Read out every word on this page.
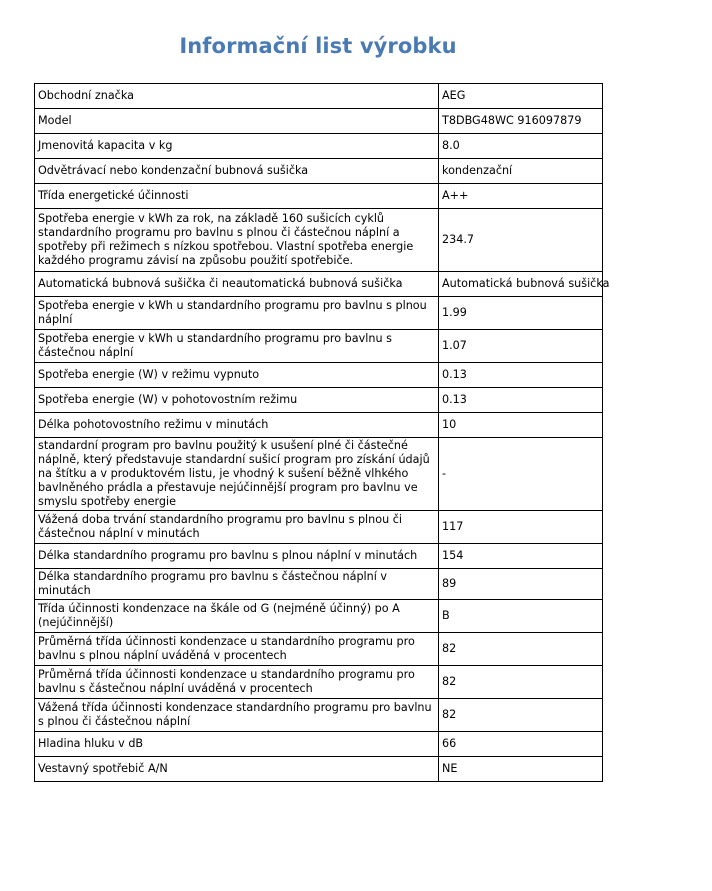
Informační list výrobku
Obchodní značka	AEG
Model	T8DBG48WC 916097879
Jmenovitá kapacita v kg	8.0
Odvětrávací nebo kondenzační bubnová sušička	kondenzační
Třída energetické účinnosti	A++
Spotřeba energie v kWh za rok, na základě 160 sušicích cyklů standardního programu pro bavlnu s plnou či částečnou náplní a spotřeby při režimech s nízkou spotřebou. Vlastní spotřeba energie každého programu závisí na způsobu použití spotřebiče.	234.7
Automatická bubnová sušička či neautomatická bubnová sušička	Automatická bubnová sušička
Spotřeba energie v kWh u standardního programu pro bavlnu s plnou náplní	1.99
Spotřeba energie v kWh u standardního programu pro bavlnu s částečnou náplní	1.07
Spotřeba energie (W) v režimu vypnuto	0.13
Spotřeba energie (W) v pohotovostním režimu	0.13
Délka pohotovostního režimu v minutách	10
standardní program pro bavlnu použitý k usušení plné či částečné náplně, který představuje standardní sušicí program pro získání údajů na štítku a v produktovém listu, je vhodný k sušení běžně vlhkého bavlněného prádla a přestavuje nejúčinnější program pro bavlnu ve smyslu spotřeby energie	-
Vážená doba trvání standardního programu pro bavlnu s plnou či částečnou náplní v minutách	117
Délka standardního programu pro bavlnu s plnou náplní v minutách	154
Délka standardního programu pro bavlnu s částečnou náplní v minutách	89
Třída účinnosti kondenzace na škále od G (nejméně účinný) po A (nejúčinnější)	B
Průměrná třída účinnosti kondenzace u standardního programu pro bavlnu s plnou náplní uváděná v procentech	82
Průměrná třída účinnosti kondenzace u standardního programu pro bavlnu s částečnou náplní uváděná v procentech	82
Vážená třída účinnosti kondenzace standardního programu pro bavlnu s plnou či částečnou náplní	82
Hladina hluku v dB	66
Vestavný spotřebič A/N	NE
